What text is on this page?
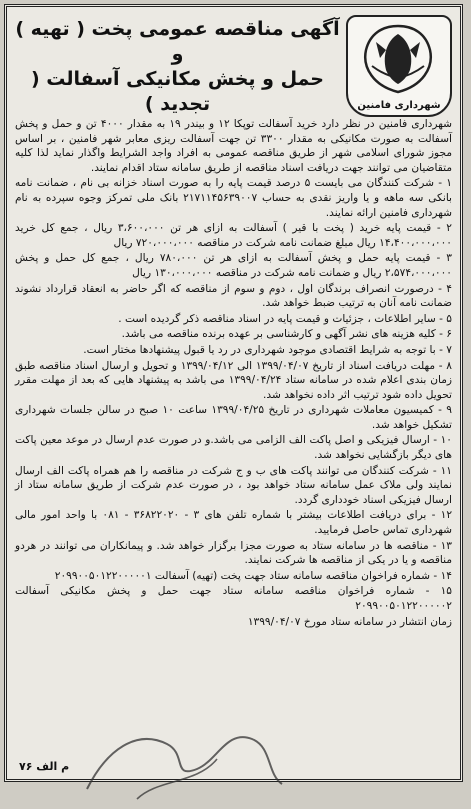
شهرداری فامنین
آگهی مناقصه عمومی پخت ( تهیه ) و
حمل و پخش مکانیکی آسفالت ( تجدید )

شهرداری فامنین در نظر دارد خرید آسفالت توپکا ۱۲ و بیندر ۱۹ به مقدار ۴۰۰۰ تن و حمل و پخش آسفالت به صورت مکانیکی به مقدار ۳۳۰۰ تن جهت آسفالت ریزی معابر شهر فامنین ، بر اساس مجوز شورای اسلامی شهر از طریق مناقصه عمومی به افراد واجد الشرایط واگذار نماید لذا کلیه متقاضیان می توانند جهت دریافت اسناد مناقصه از طریق سامانه ستاد اقدام نمایند.

۱ - شرکت کنندگان می بایست ۵ درصد قیمت پایه را به صورت اسناد خزانه بی نام ، ضمانت نامه بانکی سه ماهه و یا واریز نقدی به حساب ۲۱۷۱۱۴۵۶۳۹۰۰۷ بانک ملی تمرکز وجوه سپرده به نام شهرداری فامنین ارائه نمایند.

۲ - قیمت پایه خرید ( پخت با قیر ) آسفالت به ازای هر تن ۳،۶۰۰،۰۰۰ ریال ، جمع کل خرید ۱۴،۴۰۰،۰۰۰،۰۰۰ ریال مبلغ ضمانت نامه شرکت در مناقصه ۷۲۰،۰۰۰،۰۰۰ ریال

۳ - قیمت پایه حمل و پخش آسفالت به ازای هر تن ۷۸۰،۰۰۰ ریال ، جمع کل حمل و پخش ۲،۵۷۴،۰۰۰،۰۰۰ ریال و ضمانت نامه شرکت در مناقصه ۱۳۰،۰۰۰،۰۰۰ ریال

۴ - درصورت انصراف برندگان اول ، دوم و سوم از مناقصه که اگر حاضر به انعقاد قرارداد نشوند ضمانت نامه آنان به ترتیب ضبط خواهد شد.

۵ - سایر اطلاعات ، جزئیات و قیمت پایه در اسناد مناقصه ذکر گردیده است .

۶ - کلیه هزینه های نشر آگهی و کارشناسی بر عهده برنده مناقصه می باشد.

۷ - با توجه به شرایط اقتصادی موجود شهرداری در رد یا قبول پیشنهادها مختار است.

۸ - مهلت دریافت اسناد از تاریخ ۱۳۹۹/۰۴/۰۷ الی ۱۳۹۹/۰۴/۱۲ و تحویل و ارسال اسناد مناقصه طبق زمان بندی اعلام شده در سامانه ستاد ۱۳۹۹/۰۴/۲۴ می باشد به پیشنهاد هایی که بعد از مهلت مقرر تحویل داده شود ترتیب اثر داده نخواهد شد.

۹ - کمیسیون معاملات شهرداری در تاریخ ۱۳۹۹/۰۴/۲۵ ساعت ۱۰ صبح در سالن جلسات شهرداری تشکیل خواهد شد.

۱۰ - ارسال فیزیکی و اصل پاکت الف الزامی می باشد.و در صورت عدم ارسال در موعد معین پاکت های دیگر بازگشایی نخواهد شد.

۱۱ - شرکت کنندگان می توانند پاکت های ب و ج شرکت در مناقصه را هم همراه پاکت الف ارسال نمایند ولی ملاک عمل سامانه ستاد خواهد بود ، در صورت عدم شرکت از طریق سامانه ستاد از ارسال فیزیکی اسناد خودداری گردد.

۱۲ - برای دریافت اطلاعات بیشتر با شماره تلفن های ۳ - ۳۶۸۲۲۰۲۰ - ۰۸۱ با واحد امور مالی شهرداری تماس حاصل فرمایید.

۱۳ - مناقصه ها در سامانه ستاد به صورت مجزا برگزار خواهد شد. و پیمانکاران می توانند در هردو مناقصه و یا در یکی از مناقصه ها شرکت نمایند.

۱۴ - شماره فراخوان مناقصه سامانه ستاد جهت پخت (تهیه) آسفالت ۲۰۹۹۰۰۵۰۱۲۲۰۰۰۰۰۱

۱۵ - شماره فراخوان مناقصه سامانه ستاد جهت حمل و پخش مکانیکی آسفالت ۲۰۹۹۰۰۵۰۱۲۲۰۰۰۰۰۲

زمان انتشار در سامانه ستاد مورخ ۱۳۹۹/۰۴/۰۷

م الف ۷۶
